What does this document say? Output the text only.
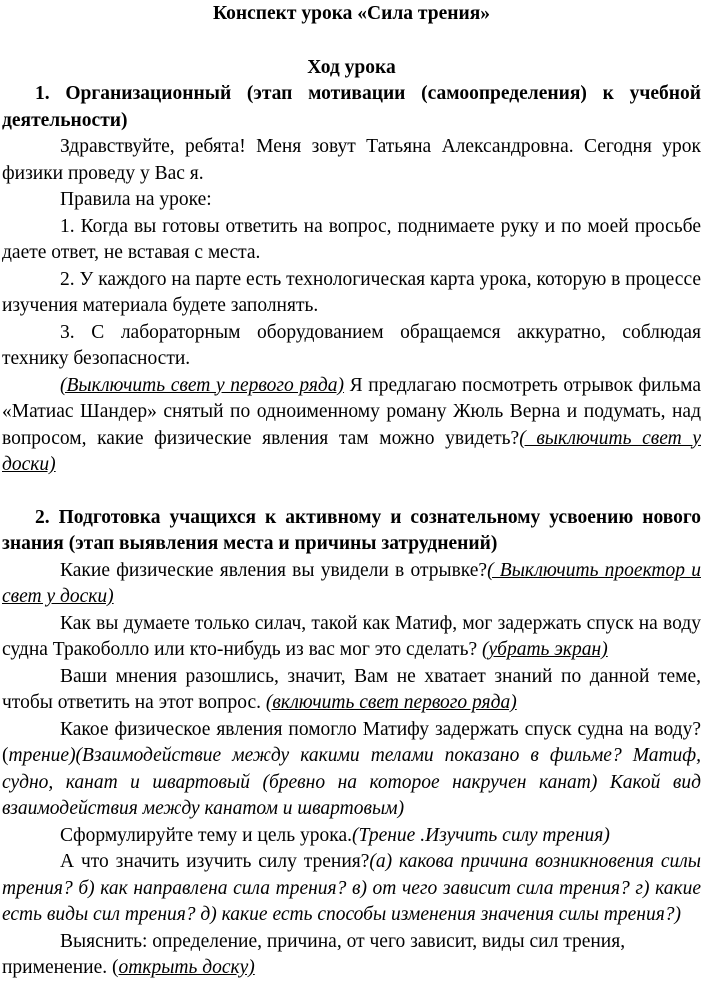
Конспект урока «Сила трения»

Ход урока

1. Организационный (этап мотивации (самоопределения) к учебной деятельности)

Здравствуйте, ребята! Меня зовут Татьяна Александровна. Сегодня урок физики проведу у Вас я.

Правила на уроке:

1. Когда вы готовы ответить на вопрос, поднимаете руку и по моей просьбе даете ответ, не вставая с места.

2. У каждого на парте есть технологическая карта урока, которую в процессе изучения материала будете заполнять.

3. С лабораторным оборудованием обращаемся аккуратно, соблюдая технику безопасности.

(Выключить свет у первого ряда) Я предлагаю посмотреть отрывок фильма «Матиас Шандер» снятый по одноименному роману Жюль Верна и подумать, над вопросом, какие физические явления там можно увидеть?( выключить свет у доски)

2. Подготовка учащихся к активному и сознательному усвоению нового знания (этап выявления места и причины затруднений)

Какие физические явления вы увидели в отрывке?( Выключить проектор и свет у доски)

Как вы думаете только силач, такой как Матиф, мог задержать спуск на воду судна Тракоболло или кто-нибудь из вас мог это сделать? (убрать экран)

Ваши мнения разошлись, значит, Вам не хватает знаний по данной теме, чтобы ответить на этот вопрос. (включить свет первого ряда)

Какое физическое явления помогло Матифу задержать спуск судна на воду? (трение)(Взаимодействие между какими телами показано в фильме? Матиф, судно, канат и швартовый (бревно на которое накручен канат) Какой вид взаимодействия между канатом и швартовым)

Сформулируйте тему и цель урока.(Трение .Изучить силу трения)

А что значить изучить силу трения?(а) какова причина возникновения силы трения? б) как направлена сила трения? в) от чего зависит сила трения? г) какие есть виды сил трения? д) какие есть способы изменения значения силы трения?)

Выяснить: определение, причина, от чего зависит, виды сил трения, применение. (открыть доску)
